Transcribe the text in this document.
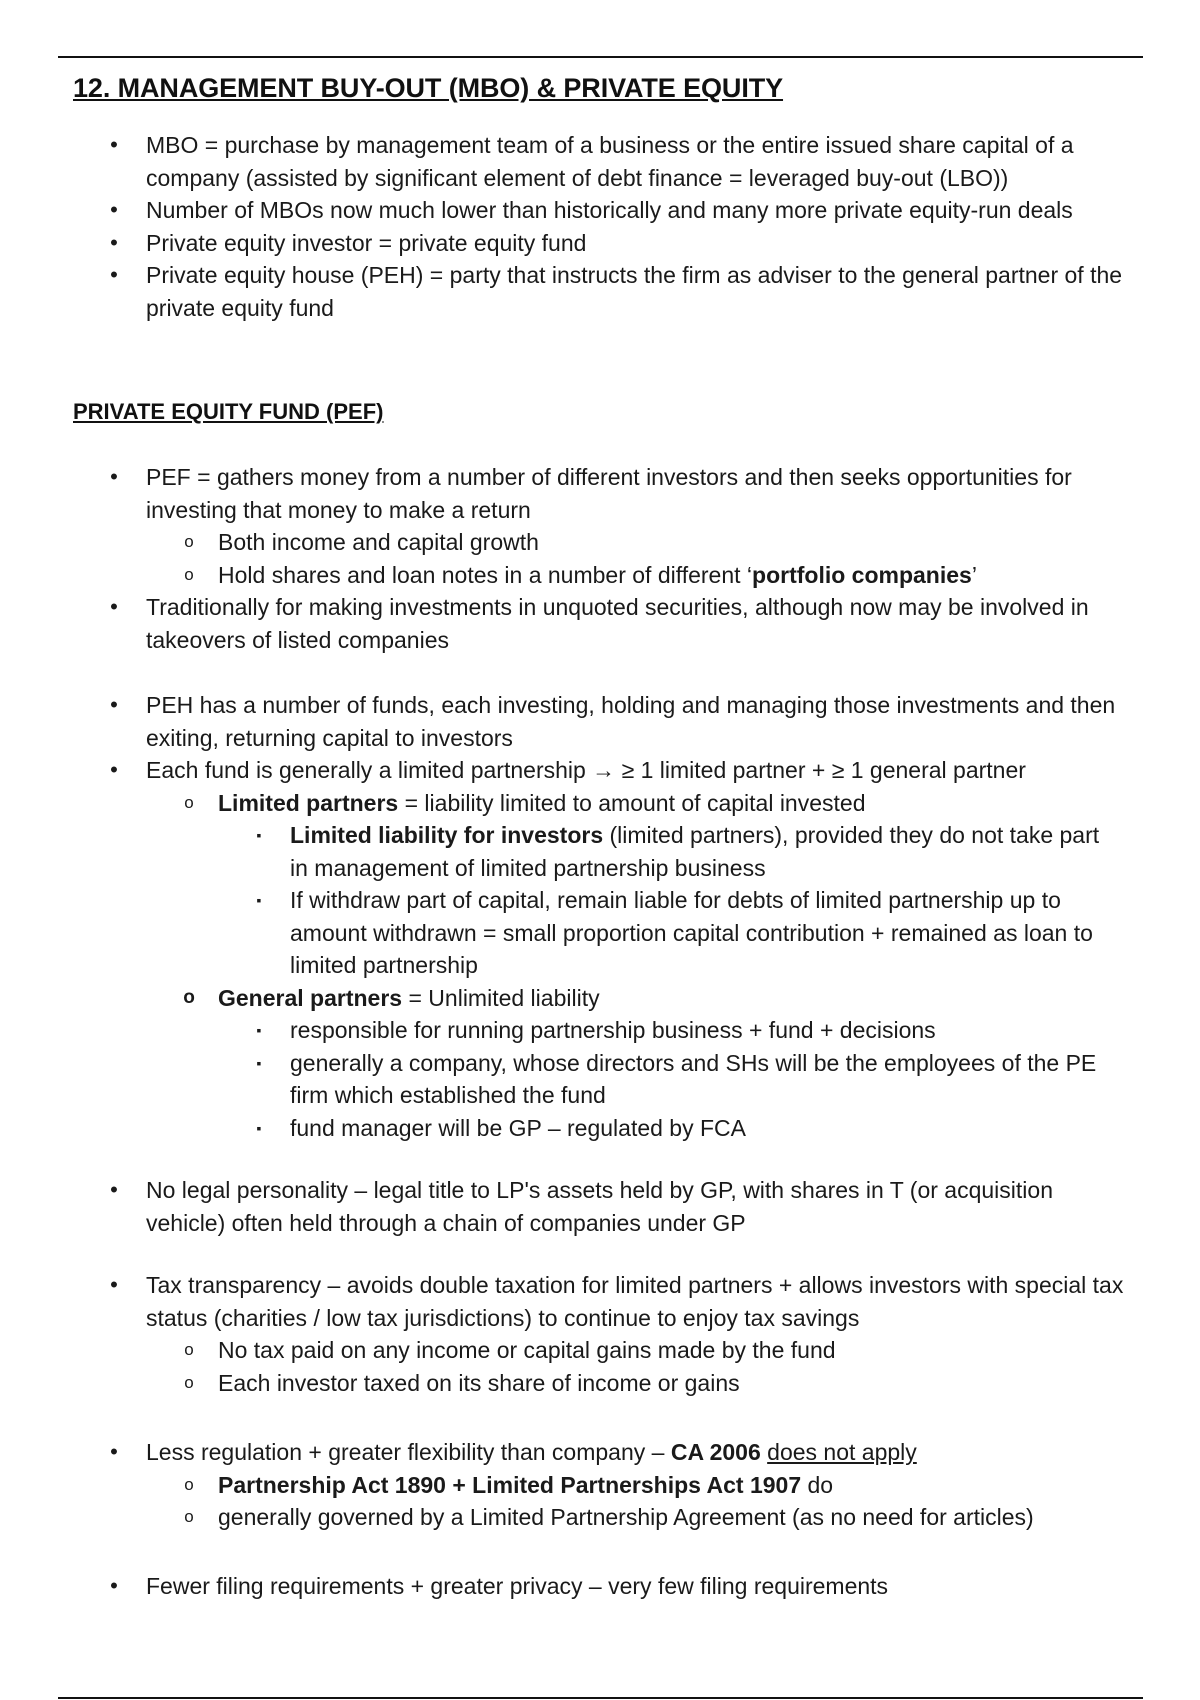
12. MANAGEMENT BUY-OUT (MBO) & PRIVATE EQUITY
• MBO = purchase by management team of a business or the entire issued share capital of a company (assisted by significant element of debt finance = leveraged buy-out (LBO))
• Number of MBOs now much lower than historically and many more private equity-run deals
• Private equity investor = private equity fund
• Private equity house (PEH) = party that instructs the firm as adviser to the general partner of the private equity fund
PRIVATE EQUITY FUND (PEF)
• PEF = gathers money from a number of different investors and then seeks opportunities for investing that money to make a return
o Both income and capital growth
o Hold shares and loan notes in a number of different ‘portfolio companies’
• Traditionally for making investments in unquoted securities, although now may be involved in takeovers of listed companies
• PEH has a number of funds, each investing, holding and managing those investments and then exiting, returning capital to investors
• Each fund is generally a limited partnership → ≥ 1 limited partner + ≥ 1 general partner
o Limited partners = liability limited to amount of capital invested
▪ Limited liability for investors (limited partners), provided they do not take part in management of limited partnership business
▪ If withdraw part of capital, remain liable for debts of limited partnership up to amount withdrawn = small proportion capital contribution + remained as loan to limited partnership
o General partners = Unlimited liability
▪ responsible for running partnership business + fund + decisions
▪ generally a company, whose directors and SHs will be the employees of the PE firm which established the fund
▪ fund manager will be GP – regulated by FCA
• No legal personality – legal title to LP's assets held by GP, with shares in T (or acquisition vehicle) often held through a chain of companies under GP
• Tax transparency – avoids double taxation for limited partners + allows investors with special tax status (charities / low tax jurisdictions) to continue to enjoy tax savings
o No tax paid on any income or capital gains made by the fund
o Each investor taxed on its share of income or gains
• Less regulation + greater flexibility than company – CA 2006 does not apply
o Partnership Act 1890 + Limited Partnerships Act 1907 do
o generally governed by a Limited Partnership Agreement (as no need for articles)
• Fewer filing requirements + greater privacy – very few filing requirements
